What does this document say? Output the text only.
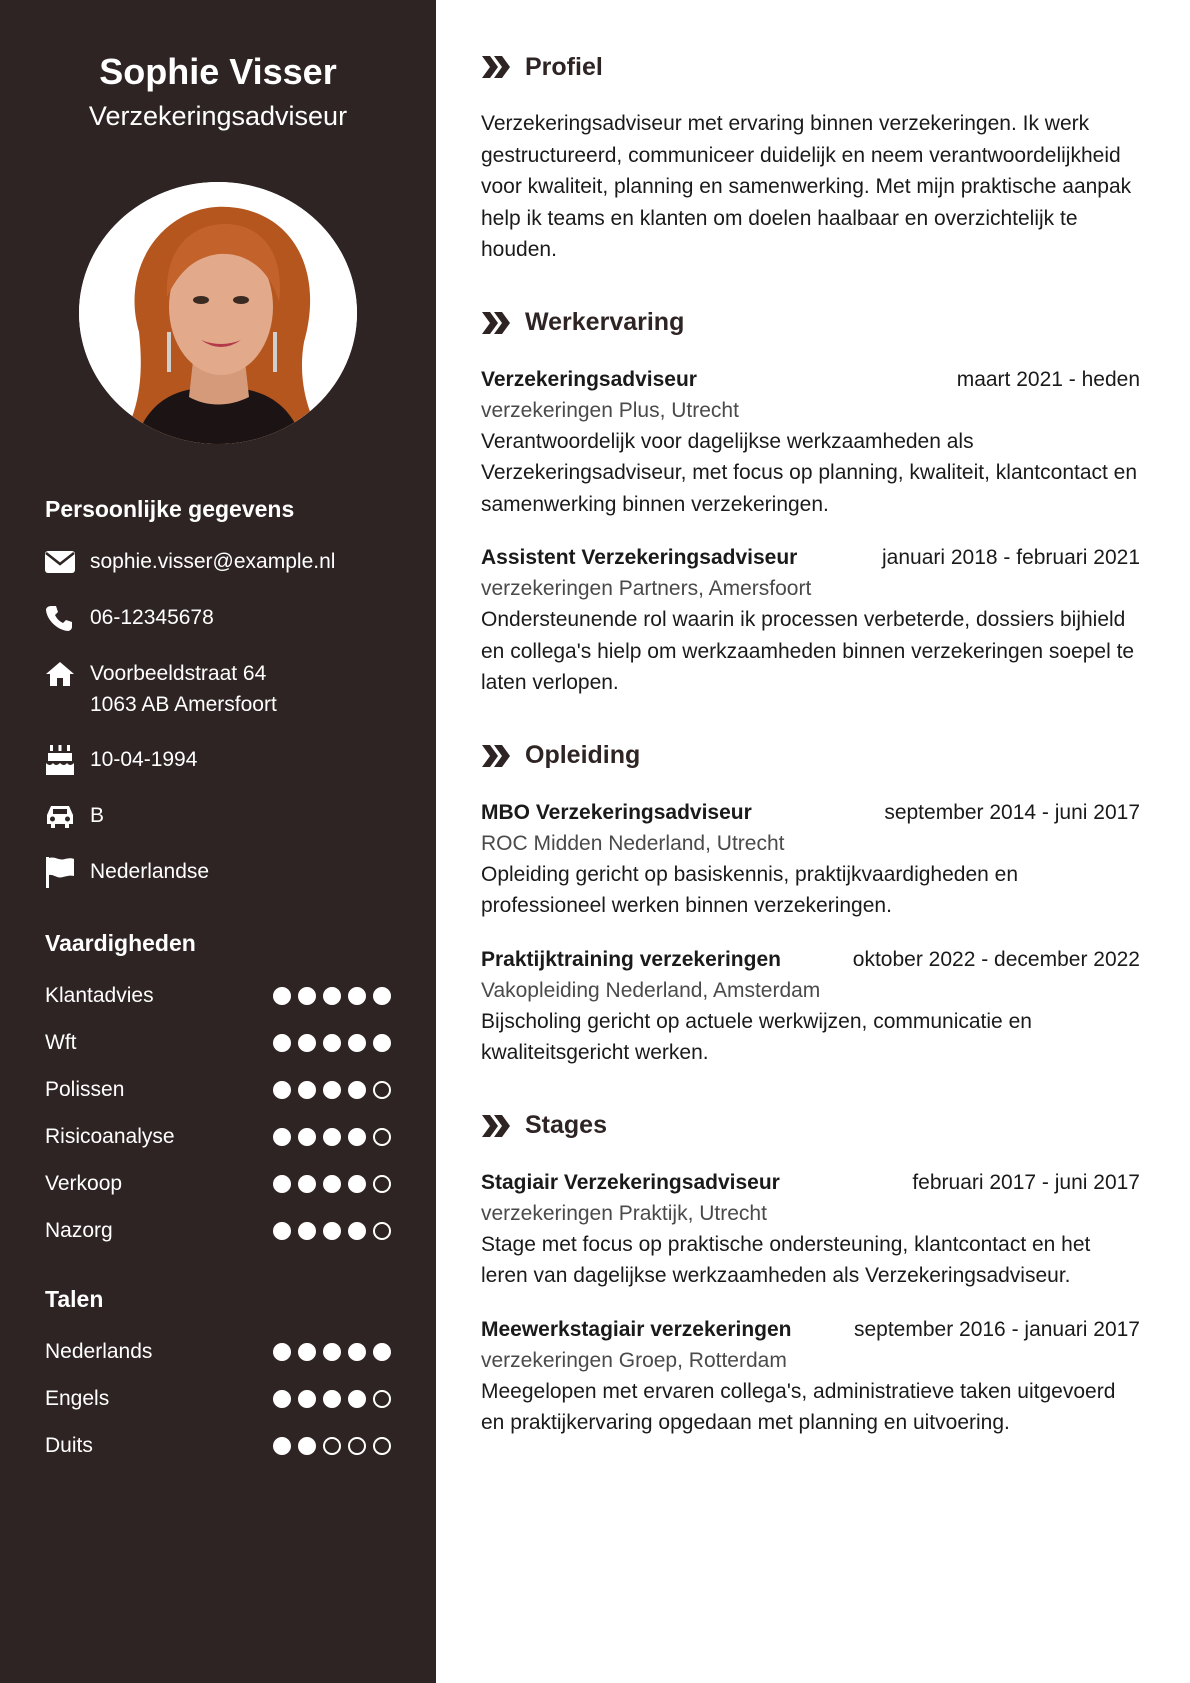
Sophie Visser
Verzekeringsadviseur
Persoonlijke gegevens
sophie.visser@example.nl
06-12345678
Voorbeeldstraat 64
1063 AB Amersfoort
10-04-1994
B
Nederlandse
Vaardigheden
Klantadvies
Wft
Polissen
Risicoanalyse
Verkoop
Nazorg
Talen
Nederlands
Engels
Duits
Profiel
Verzekeringsadviseur met ervaring binnen verzekeringen. Ik werk gestructureerd, communiceer duidelijk en neem verantwoordelijkheid voor kwaliteit, planning en samenwerking. Met mijn praktische aanpak help ik teams en klanten om doelen haalbaar en overzichtelijk te houden.
Werkervaring
Verzekeringsadviseur	maart 2021 - heden
verzekeringen Plus, Utrecht
Verantwoordelijk voor dagelijkse werkzaamheden als Verzekeringsadviseur, met focus op planning, kwaliteit, klantcontact en samenwerking binnen verzekeringen.
Assistent Verzekeringsadviseur	januari 2018 - februari 2021
verzekeringen Partners, Amersfoort
Ondersteunende rol waarin ik processen verbeterde, dossiers bijhield en collega's hielp om werkzaamheden binnen verzekeringen soepel te laten verlopen.
Opleiding
MBO Verzekeringsadviseur	september 2014 - juni 2017
ROC Midden Nederland, Utrecht
Opleiding gericht op basiskennis, praktijkvaardigheden en professioneel werken binnen verzekeringen.
Praktijktraining verzekeringen	oktober 2022 - december 2022
Vakopleiding Nederland, Amsterdam
Bijscholing gericht op actuele werkwijzen, communicatie en kwaliteitsgericht werken.
Stages
Stagiair Verzekeringsadviseur	februari 2017 - juni 2017
verzekeringen Praktijk, Utrecht
Stage met focus op praktische ondersteuning, klantcontact en het leren van dagelijkse werkzaamheden als Verzekeringsadviseur.
Meewerkstagiair verzekeringen	september 2016 - januari 2017
verzekeringen Groep, Rotterdam
Meegelopen met ervaren collega's, administratieve taken uitgevoerd en praktijkervaring opgedaan met planning en uitvoering.
